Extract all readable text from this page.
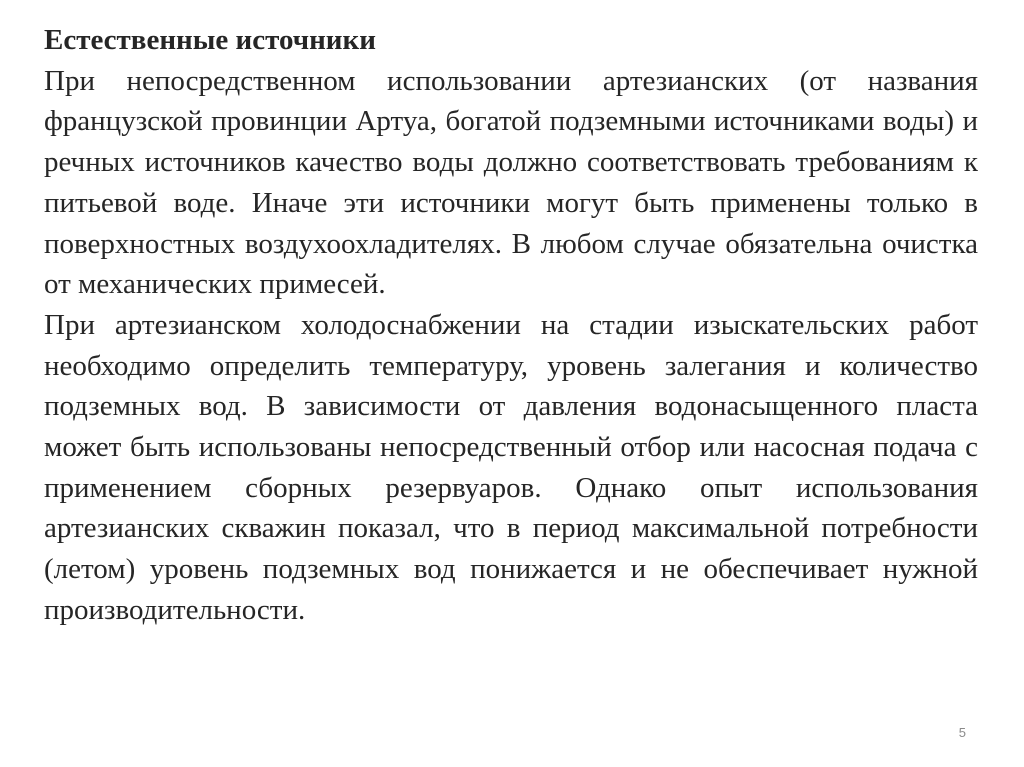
Естественные источники

При непосредственном использовании артезианских (от названия французской провинции Артуа, богатой подземными источниками воды) и речных источников качество воды должно соответствовать требованиям к питьевой воде. Иначе эти источники могут быть применены только в поверхностных воздухоохладителях. В любом случае обязательна очистка от механических примесей.

При артезианском холодоснабжении на стадии изыскательских работ необходимо определить температуру, уровень залегания и количество подземных вод. В зависимости от давления водонасыщенного пласта может быть использованы непосредственный отбор или насосная подача с применением сборных резервуаров. Однако опыт использования артезианских скважин показал, что в период максимальной потребности (летом) уровень подземных вод понижается и не обеспечивает нужной производительности.

5
